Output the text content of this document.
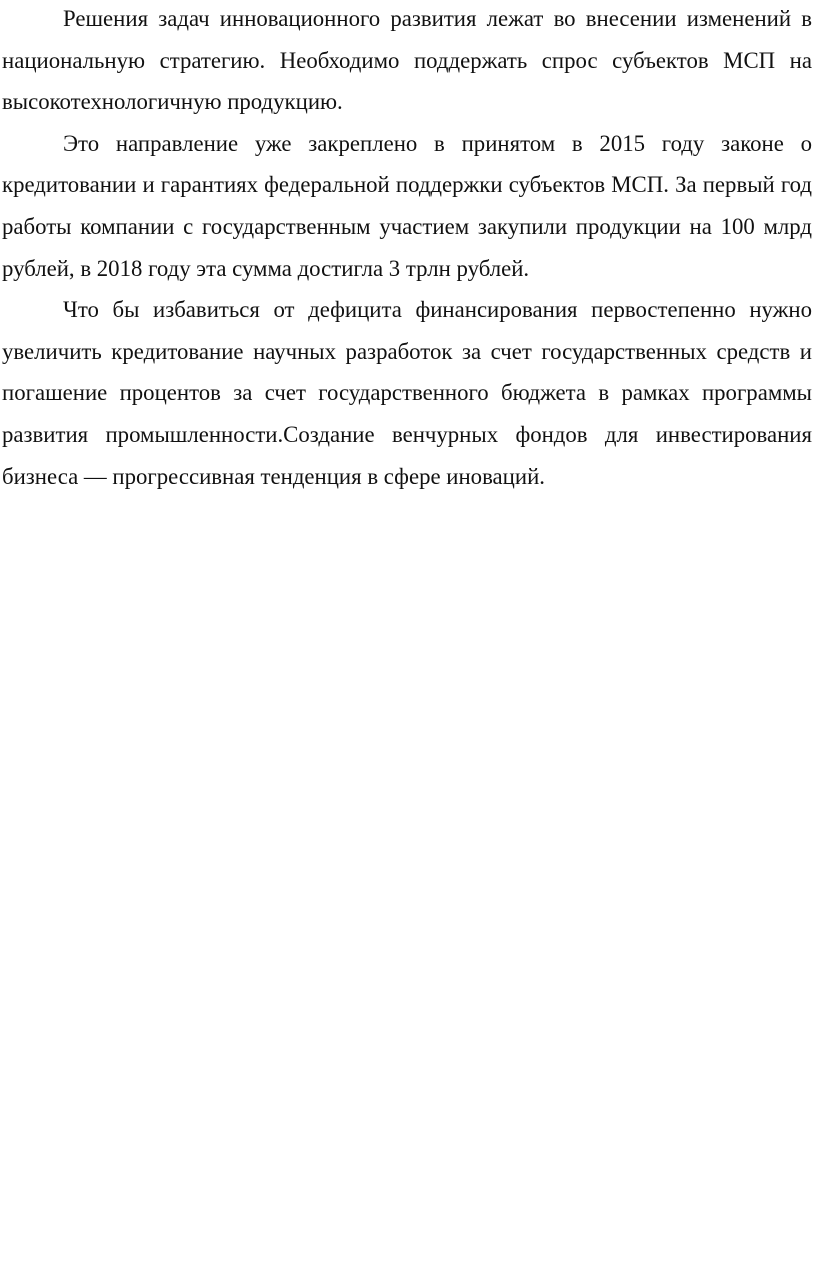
Решения задач инновационного развития лежат во внесении изменений в национальную стратегию. Необходимо поддержать спрос субъектов МСП на высокотехнологичную продукцию.

Это направление уже закреплено в принятом в 2015 году законе о кредитовании и гарантиях федеральной поддержки субъектов МСП. За первый год работы компании с государственным участием закупили продукции на 100 млрд рублей, в 2018 году эта сумма достигла 3 трлн рублей.

Что бы избавиться от дефицита финансирования первостепенно нужно увеличить кредитование научных разработок за счет государственных средств и погашение процентов за счет государственного бюджета в рамках программы развития промышленности.Создание венчурных фондов для инвестирования бизнеса — прогрессивная тенденция в сфере иноваций.
